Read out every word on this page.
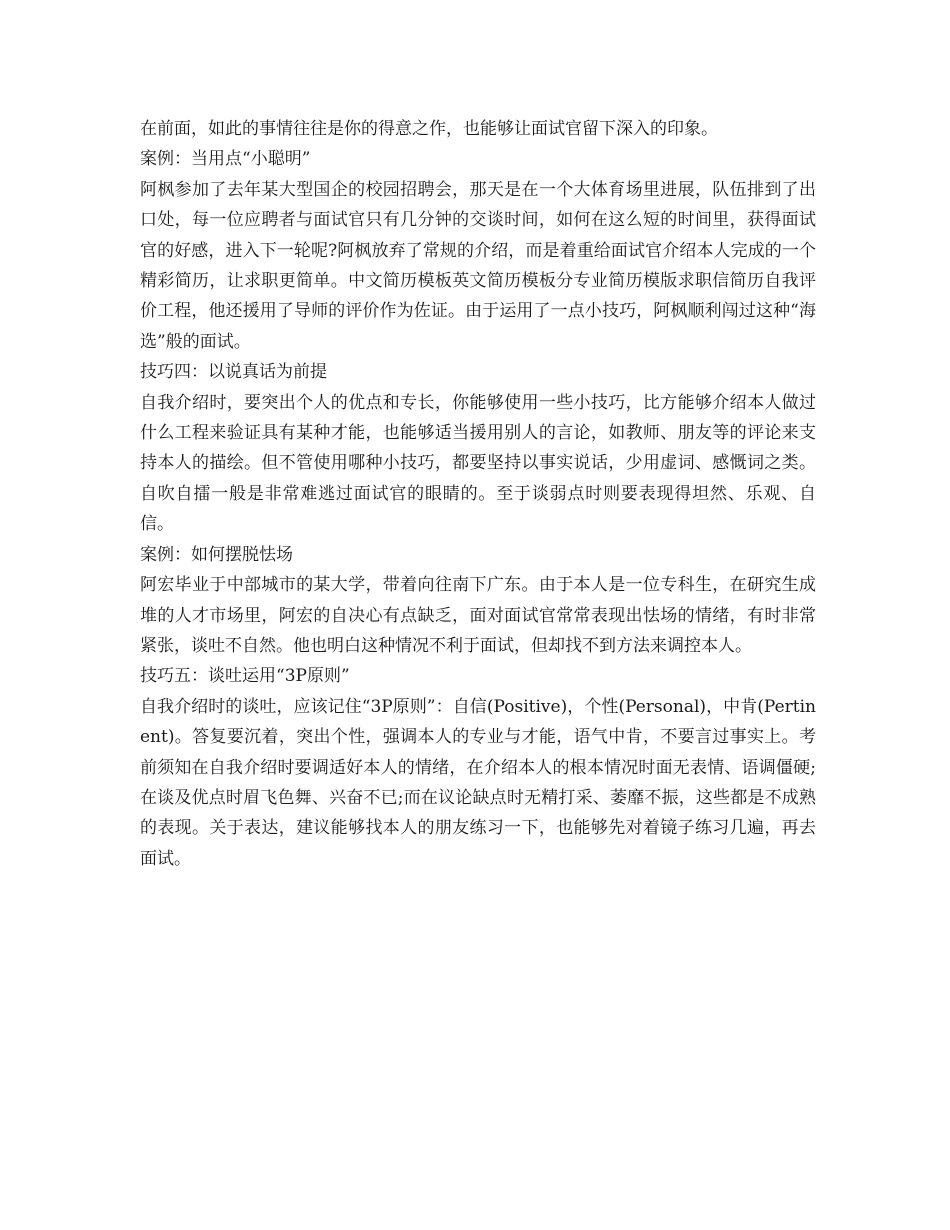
在前面，如此的事情往往是你的得意之作，也能够让面试官留下深入的印象。

案例：当用点“小聪明”

阿枫参加了去年某大型国企的校园招聘会，那天是在一个大体育场里进展，队伍排到了出口处，每一位应聘者与面试官只有几分钟的交谈时间，如何在这么短的时间里，获得面试官的好感，进入下一轮呢?阿枫放弃了常规的介绍，而是着重给面试官介绍本人完成的一个精彩简历，让求职更简单。中文简历模板英文简历模板分专业简历模版求职信简历自我评价工程，他还援用了导师的评价作为佐证。由于运用了一点小技巧，阿枫顺利闯过这种“海选”般的面试。

技巧四：以说真话为前提

自我介绍时，要突出个人的优点和专长，你能够使用一些小技巧，比方能够介绍本人做过什么工程来验证具有某种才能，也能够适当援用别人的言论，如教师、朋友等的评论来支持本人的描绘。但不管使用哪种小技巧，都要坚持以事实说话，少用虚词、感慨词之类。自吹自擂一般是非常难逃过面试官的眼睛的。至于谈弱点时则要表现得坦然、乐观、自信。

案例：如何摆脱怯场

阿宏毕业于中部城市的某大学，带着向往南下广东。由于本人是一位专科生，在研究生成堆的人才市场里，阿宏的自决心有点缺乏，面对面试官常常表现出怯场的情绪，有时非常紧张，谈吐不自然。他也明白这种情况不利于面试，但却找不到方法来调控本人。

技巧五：谈吐运用“3P原则”

自我介绍时的谈吐，应该记住“3P原则”：自信(Positive)，个性(Personal)，中肯(Pertinent)。答复要沉着，突出个性，强调本人的专业与才能，语气中肯，不要言过事实上。考前须知在自我介绍时要调适好本人的情绪，在介绍本人的根本情况时面无表情、语调僵硬;在谈及优点时眉飞色舞、兴奋不已;而在议论缺点时无精打采、萎靡不振，这些都是不成熟的表现。关于表达，建议能够找本人的朋友练习一下，也能够先对着镜子练习几遍，再去面试。
